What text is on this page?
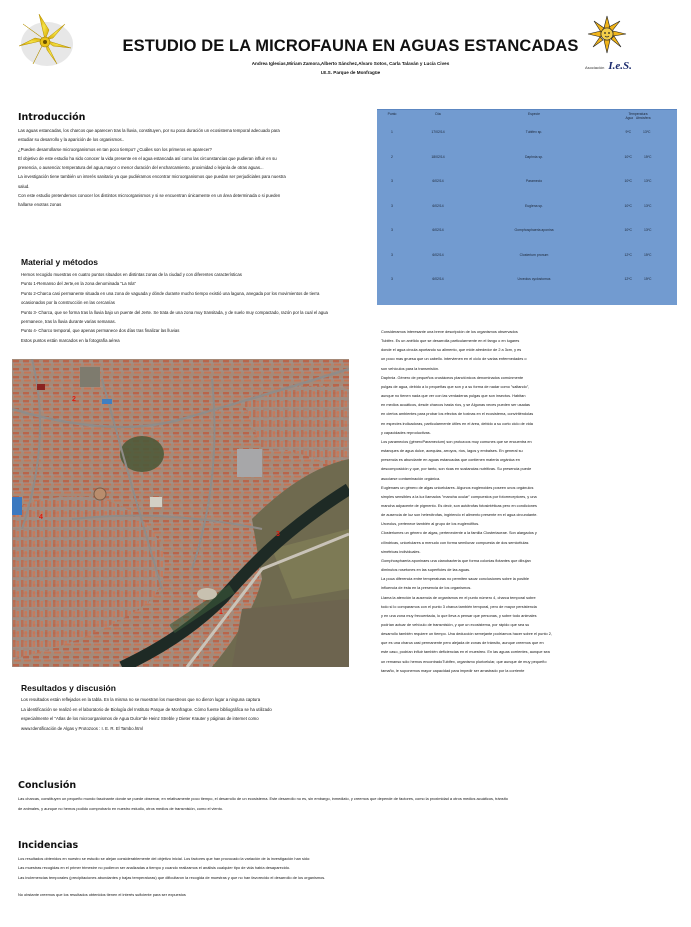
ESTUDIO DE LA MICROFAUNA EN AGUAS ESTANCADAS
Andrea Iglesias,Miriam Zamora,Alberto Sánchez,Alvaro Sotos, Carla Talaván y Lucía Cives
I.E.S. Parque de Monfragüe
Asociación I.e.S.
Introducción

Las aguas estancadas, los charcos que aparecen tras la lluvia, constituyen, por su poca duración un ecosistema temporal adecuado para

estudiar su desarrollo y la aparición de los organismos..

¿Pueden desarrollarse microorganismos en tan poco tiempo? ¿Cuáles son los primeros en aparecer?

El objetivo de este estudio ha sido conocer la vida presente en el agua estancada así como las circunstancias que pudieran influir en su

presencia, o ausencia: temperatura del agua,mayor o menor duración del encharcamiento, proximidad o lejanía de otras aguas...

La investigación tiene también un interés sanitario ya que pudiéramos encontrar microorganismos que puedan ser perjudiciales para nuestra

salud.

Con este estudio pretendemos conocer los distintos microorganismos y si se encuentran únicamente en un área determinada o si pueden

hallarse enotras zonas

Punto	Día	Especie	Temperatura
Agua Atmósfera

1	17/02/14	Tubifex sp.	9ºC 13ºC

2	18/02/14	Daphnia sp.	10ºC 15ºC

3	6/02/14	Paramecio	10ºC 13ºC

3	6/02/14	Euglena sp.	10ºC 13ºC

3	6/02/14	Gomphosphaeria aponina	10ºC 13ºC

3	6/02/14	Closterium pronum	12ºC 15ºC

3	6/02/14	Urceolus cyclostomus	12ºC 15ºC
Material y métodos

Hemos recogido muestras en cuatro puntos situados en distintas zonas de la ciudad y con diferentes características

Punto 1-Remanso del Jerte,en la zona denominada "La Isla"

Punto 2-Charca casi permanente situada en una zona de vaguada y dónde durante mucho tiempo existió una laguna, anegada por los movimientos de tierra

ocasionados por la construcción en las cercanías

Punto 3- Charca, que se forma tras la lluvia bajo un puente del Jerte. Se trata de una zona muy transitada, y de suelo muy compactado, razón por la cual el agua

permanece, tras la lluvia durante varias semanas.

Punto 4- Charco temporal, que apenas permanece dos días tras finalizar las lluvias

Estos puntos están marcados en la fotografía aérea

2
4
3
1

Consideramos interesante una breve descripción de los organismos observados

Tubifex. Es un anélido que se desarrolla particularmente en el fango o en lugares

donde el agua circula aportando su alimento, que mide alrededor de 2 a 3cm, y es

un poco mas gruesa que un cabello. intervienen en el ciclo de varias enfermedades o

son vehículos para la transmisión.

Daphnia .Género de pequeños crustáceos planctónicos denominados comúnmente

pulgas de agua, debido a lo pequeñas que son y a su forma de nadar como "saltando",

aunque no tienen nada que ver con las verdaderas pulgas que son insectos. Habitan

en medios acuáticos, desde charcos hasta ríos, y se Algunas veces pueden ser usadas

en ciertos ambientes para probar los efectos de toxinas en el ecosistema, convirtiéndolas

en especies indicadoras, particularmente útiles en el área, debido a su corto ciclo de vida

y capacidades reproductivas.

Los paramecios (géneroParamecium) son protozoos muy comunes que se encuentra en

estanques de agua dulce, acequias, arroyos, ríos, lagos y embalses. En general su

presencia es abundante en aguas estancadas que contienen materia orgánica en

descomposición y que, por tanto, son ricas en sustancias nutritivas. Su presencia puede

asociarse contaminación orgánica.

Euglenaes un género de algas unicelulares. Algunos euglenoides poseen unos orgánulos

simples sensibles a la luz llamados "mancha ocular" compuestos por fotorreceptores, y una

mancha adyacente de pigmento. Es decir, son autótrofas fotosintéticas pero en condiciones

de ausencia de luz son heterótrofas, ingiriendo el alimento presente en el agua circundante.

Urceolus, pertenece también al grupo de los euglenófitos.

Closteriumes un género de algas, perteneciente a la familia Closteriaceae. Son alargados y

cilíndricas, unicelulares a menudo con forma semilunar compuesta de dos semicélulas

simétricas individuales.

Gomphosphaeria aponinaes una cianobacteria que forma colonias flotantes que dibujan

diminutos rosetones en las superficies de las aguas.

La poca diferencia entre temperaturas no permiten sacar conclusiones sobre la posible

influencia de ésta en la presencia de los organismos.

Llama la atención la ausencia de organismos en el punto número 4, charca temporal sobre

todo si lo comparamos con el punto 3 charca también temporal, pero de mayor persistencia

y en una zona muy frecuentada, lo que lleva a pensar que personas, y sobre todo animales

podrían actuar de vehículo de transmisión, y que un ecosistema, por rápido que sea su

desarrollo también requiere un tiempo. Una deducción semejante podríamos hacer sobre el punto 2,

que es una charca casi permanente pero alejada de zonas de tránsito, aunque creemos que en

este caso, podrían influir también deficiencias en el muestreo. En las aguas corrientes, aunque sea

un remanso sólo hemos encontradoTubifex, organismo pluricelular, que aunque de muy pequeño

tamaño, le suponemos mayor capacidad para impedir ser arrastrado por la corriente

Resultados y discusión

Los resultados están reflejados en la tabla. En la misma no se muestran los muestreos que no dieron lugar a ninguna captura

La identificación se realizó en el laboratorio de Biología del Instituto Parque de Monfragüe. Cómo fuente bibliográfica se ha utilizado

especialmente el "Atlas de los microorganismos de Agua Dulce"de Heinz Streble y Dieter Krauter y páginas de internet como

www.Identificación de Algas y Protozoos : I. E. R. El Tambo.html

Conclusión

Las charcas, constituyen un pequeño mundo fascinante donde se puede observar, en relativamente poco tiempo, el desarrollo de un ecosistema. Este desarrollo no es, sin embargo, inmediato, y creemos que depende de factores, como la proximidad a otros medios acuáticos, tránsito

de animales, y aunque no hemos podido comprobarlo en nuestro estudio, otros medios de transmisión, como el viento.

Incidencias

Los resultados obtenidos en nuestro se estudio se alejan considerablemente del objetivo inicial. Los factores que han provocado la variación de la investigación han sido:

Las muestras recogidas en el primer trimestre no pudieron ser analizadas a tiempo y cuando realizamos el análisis cualquier tipo de vida había desaparecido.

Las inclemencias temporales (precipitaciones abundantes y bajas temperaturas) que dificultaron la recogida de muestras y que no han favorecido el desarrollo de los organismos.

No obstante creemos que los resultados obtenidos tienen el interés suficiente para ser expuestos
